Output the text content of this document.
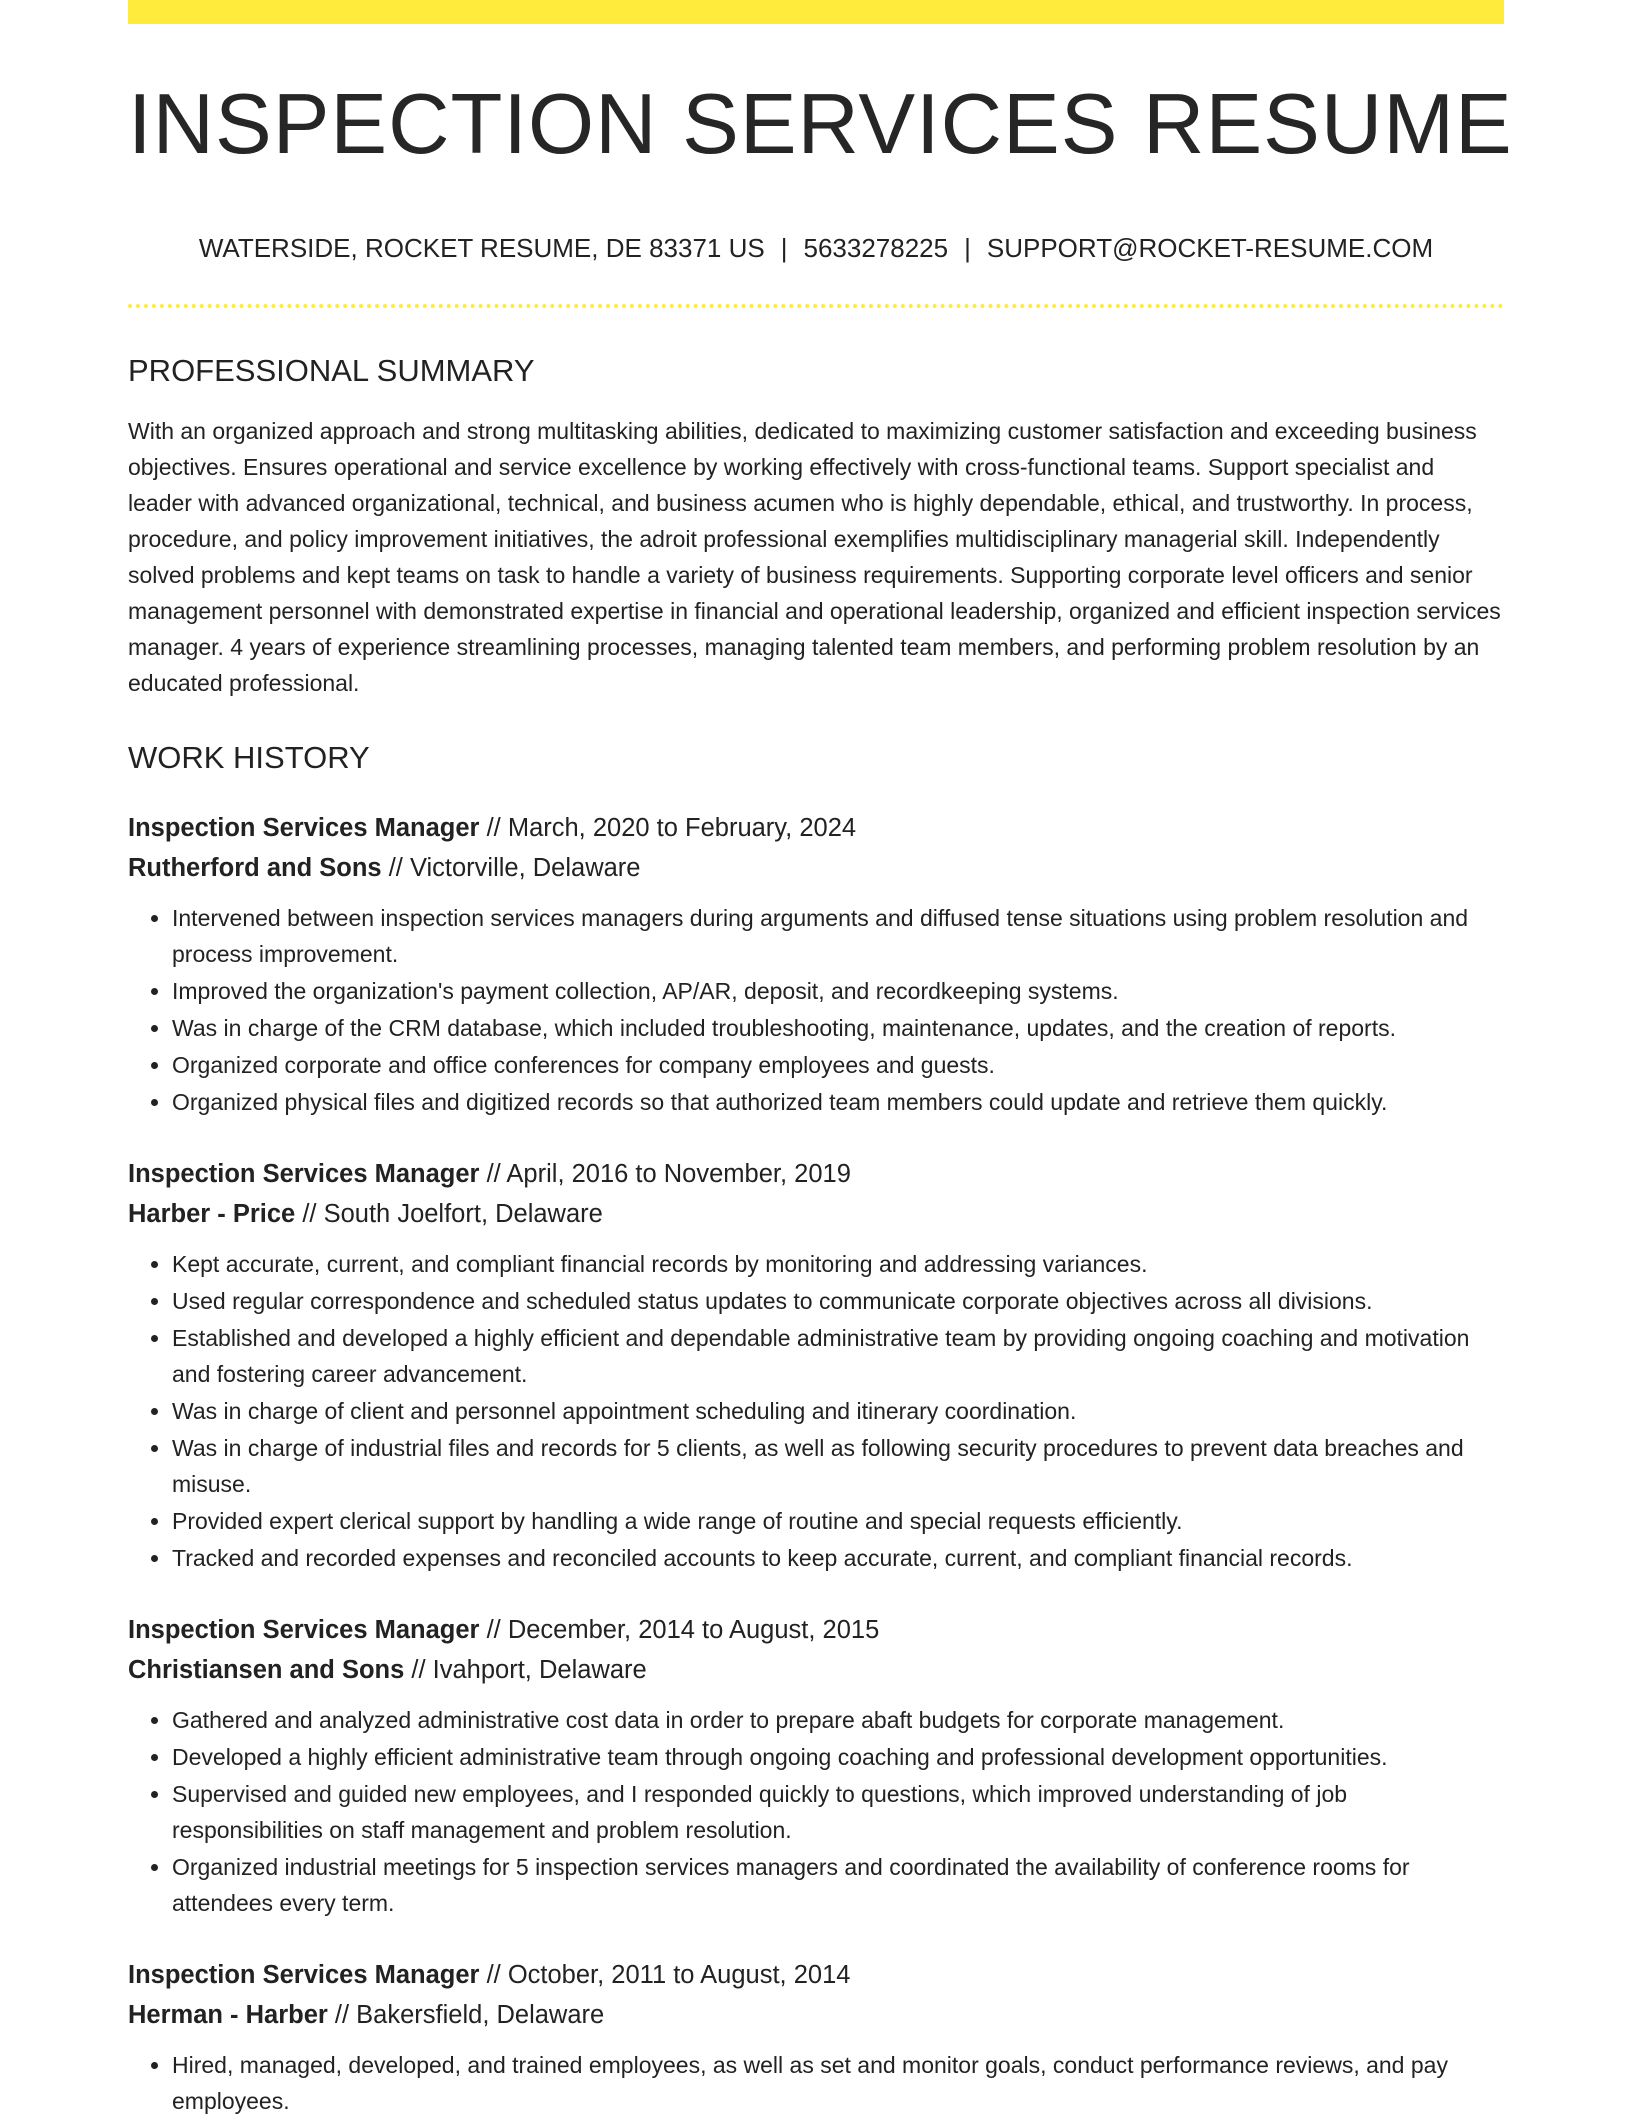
INSPECTION SERVICES RESUME
WATERSIDE, ROCKET RESUME, DE 83371 US | 5633278225 | SUPPORT@ROCKET-RESUME.COM
PROFESSIONAL SUMMARY

With an organized approach and strong multitasking abilities, dedicated to maximizing customer satisfaction and exceeding business objectives. Ensures operational and service excellence by working effectively with cross-functional teams. Support specialist and leader with advanced organizational, technical, and business acumen who is highly dependable, ethical, and trustworthy. In process, procedure, and policy improvement initiatives, the adroit professional exemplifies multidisciplinary managerial skill. Independently solved problems and kept teams on task to handle a variety of business requirements. Supporting corporate level officers and senior management personnel with demonstrated expertise in financial and operational leadership, organized and efficient inspection services manager. 4 years of experience streamlining processes, managing talented team members, and performing problem resolution by an educated professional.

WORK HISTORY
Inspection Services Manager // March, 2020 to February, 2024
Rutherford and Sons // Victorville, Delaware
• Intervened between inspection services managers during arguments and diffused tense situations using problem resolution and process improvement.
• Improved the organization's payment collection, AP/AR, deposit, and recordkeeping systems.
• Was in charge of the CRM database, which included troubleshooting, maintenance, updates, and the creation of reports.
• Organized corporate and office conferences for company employees and guests.
• Organized physical files and digitized records so that authorized team members could update and retrieve them quickly.
Inspection Services Manager // April, 2016 to November, 2019
Harber - Price // South Joelfort, Delaware
• Kept accurate, current, and compliant financial records by monitoring and addressing variances.
• Used regular correspondence and scheduled status updates to communicate corporate objectives across all divisions.
• Established and developed a highly efficient and dependable administrative team by providing ongoing coaching and motivation and fostering career advancement.
• Was in charge of client and personnel appointment scheduling and itinerary coordination.
• Was in charge of industrial files and records for 5 clients, as well as following security procedures to prevent data breaches and misuse.
• Provided expert clerical support by handling a wide range of routine and special requests efficiently.
• Tracked and recorded expenses and reconciled accounts to keep accurate, current, and compliant financial records.
Inspection Services Manager // December, 2014 to August, 2015
Christiansen and Sons // Ivahport, Delaware
• Gathered and analyzed administrative cost data in order to prepare abaft budgets for corporate management.
• Developed a highly efficient administrative team through ongoing coaching and professional development opportunities.
• Supervised and guided new employees, and I responded quickly to questions, which improved understanding of job responsibilities on staff management and problem resolution.
• Organized industrial meetings for 5 inspection services managers and coordinated the availability of conference rooms for attendees every term.
Inspection Services Manager // October, 2011 to August, 2014
Herman - Harber // Bakersfield, Delaware
• Hired, managed, developed, and trained employees, as well as set and monitor goals, conduct performance reviews, and pay employees.
